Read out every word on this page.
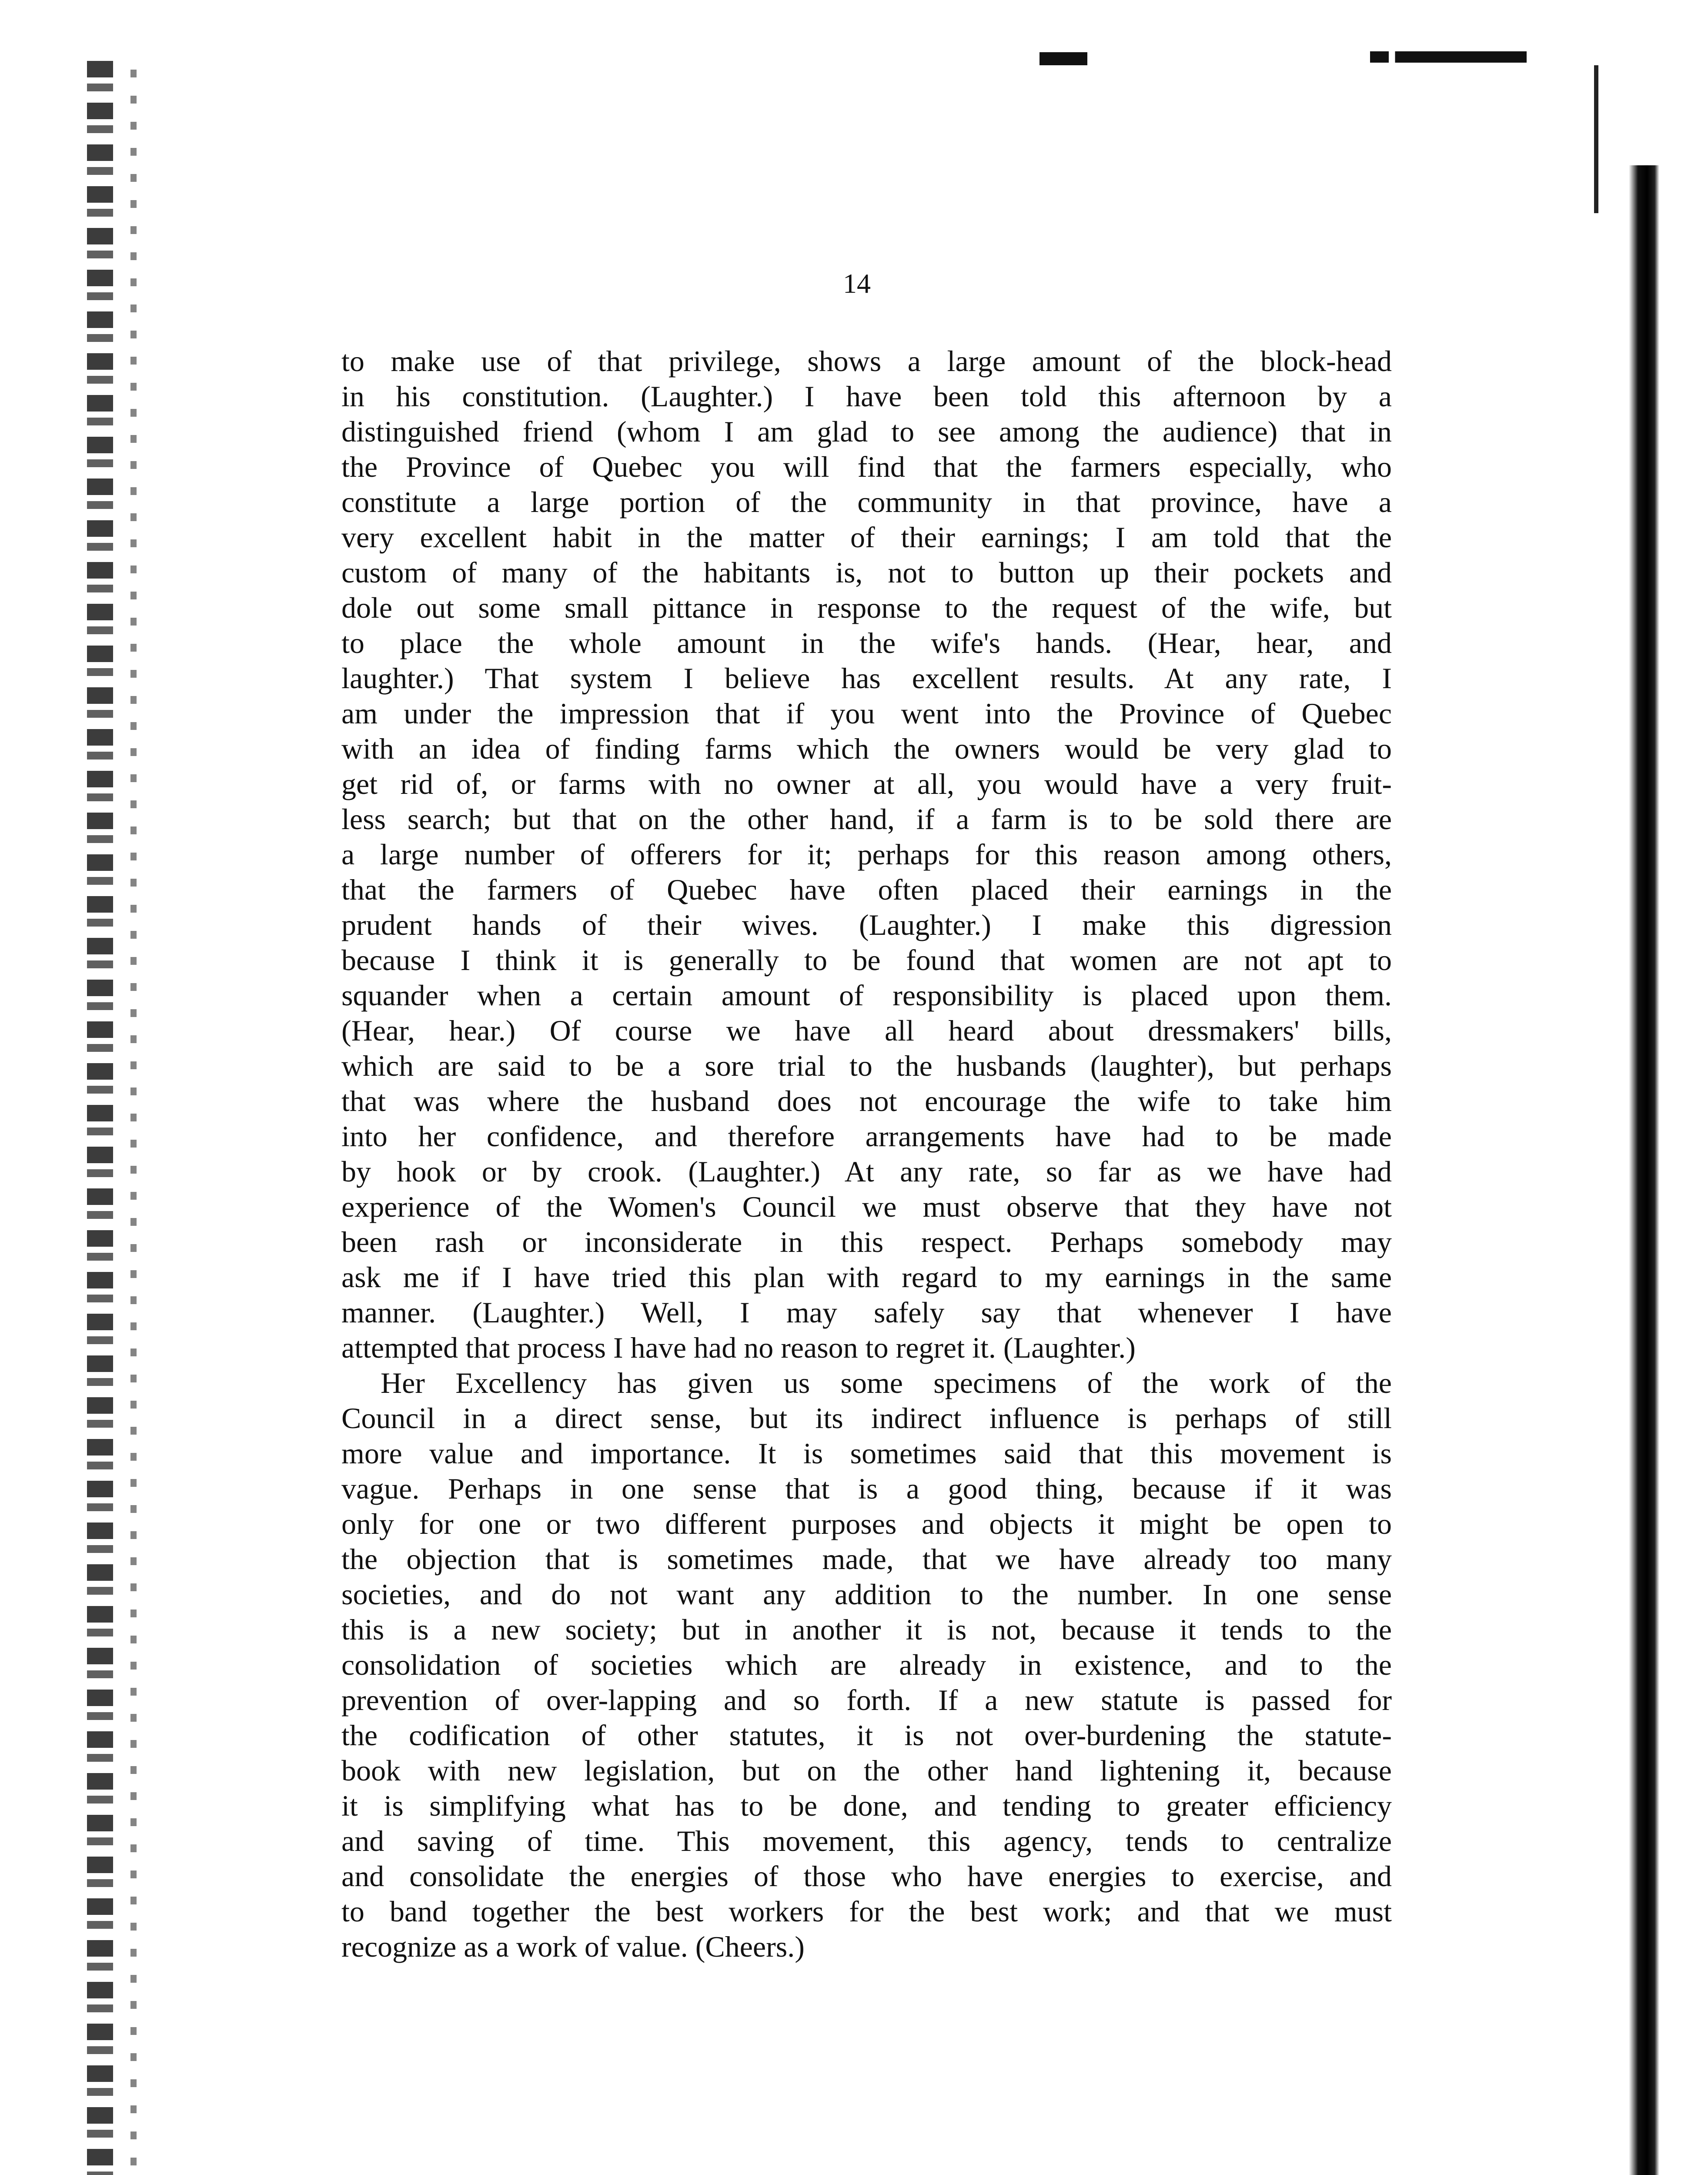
14

to make use of that privilege, shows a large amount of the block-head
in his constitution. (Laughter.) I have been told this afternoon by a
distinguished friend (whom I am glad to see among the audience) that in
the Province of Quebec you will find that the farmers especially, who
constitute a large portion of the community in that province, have a
very excellent habit in the matter of their earnings; I am told that the
custom of many of the habitants is, not to button up their pockets and
dole out some small pittance in response to the request of the wife, but
to place the whole amount in the wife's hands. (Hear, hear, and
laughter.) That system I believe has excellent results. At any rate, I
am under the impression that if you went into the Province of Quebec
with an idea of finding farms which the owners would be very glad to
get rid of, or farms with no owner at all, you would have a very fruit-
less search; but that on the other hand, if a farm is to be sold there are
a large number of offerers for it; perhaps for this reason among others,
that the farmers of Quebec have often placed their earnings in the
prudent hands of their wives. (Laughter.) I make this digression
because I think it is generally to be found that women are not apt to
squander when a certain amount of responsibility is placed upon them.
(Hear, hear.) Of course we have all heard about dressmakers' bills,
which are said to be a sore trial to the husbands (laughter), but perhaps
that was where the husband does not encourage the wife to take him
into her confidence, and therefore arrangements have had to be made
by hook or by crook. (Laughter.) At any rate, so far as we have had
experience of the Women's Council we must observe that they have not
been rash or inconsiderate in this respect. Perhaps somebody may
ask me if I have tried this plan with regard to my earnings in the same
manner. (Laughter.) Well, I may safely say that whenever I have
attempted that process I have had no reason to regret it. (Laughter.)

Her Excellency has given us some specimens of the work of the
Council in a direct sense, but its indirect influence is perhaps of still
more value and importance. It is sometimes said that this movement is
vague. Perhaps in one sense that is a good thing, because if it was
only for one or two different purposes and objects it might be open to
the objection that is sometimes made, that we have already too many
societies, and do not want any addition to the number. In one sense
this is a new society; but in another it is not, because it tends to the
consolidation of societies which are already in existence, and to the
prevention of over-lapping and so forth. If a new statute is passed for
the codification of other statutes, it is not over-burdening the statute-
book with new legislation, but on the other hand lightening it, because
it is simplifying what has to be done, and tending to greater efficiency
and saving of time. This movement, this agency, tends to centralize
and consolidate the energies of those who have energies to exercise, and
to band together the best workers for the best work; and that we must
recognize as a work of value. (Cheers.)
